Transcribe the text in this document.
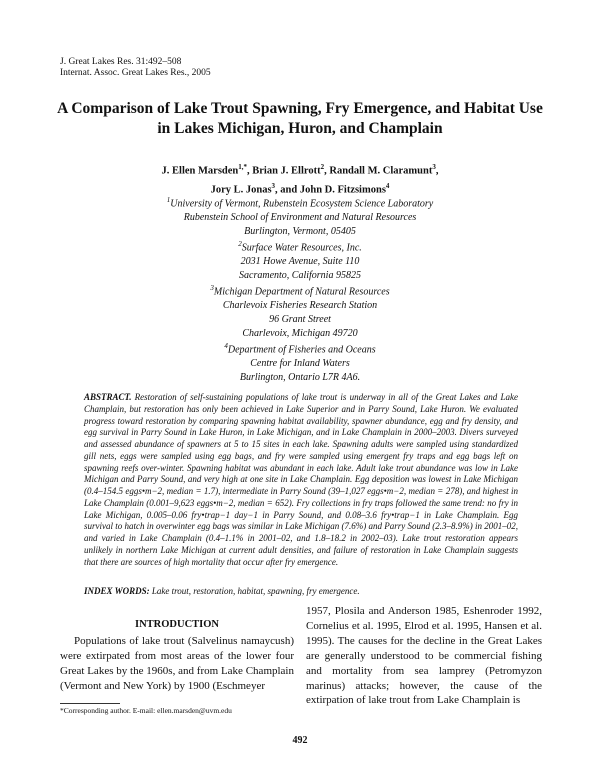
J. Great Lakes Res. 31:492–508
Internat. Assoc. Great Lakes Res., 2005
A Comparison of Lake Trout Spawning, Fry Emergence, and Habitat Use
in Lakes Michigan, Huron, and Champlain
J. Ellen Marsden$^{1,*}$, Brian J. Ellrott$^2$, Randall M. Claramunt$^3$,
Jory L. Jonas$^3$, and John D. Fitzsimons$^4$
$^1$University of Vermont, Rubenstein Ecosystem Science Laboratory
Rubenstein School of Environment and Natural Resources
Burlington, Vermont, 05405
$^2$Surface Water Resources, Inc.
2031 Howe Avenue, Suite 110
Sacramento, California 95825
$^3$Michigan Department of Natural Resources
Charlevoix Fisheries Research Station
96 Grant Street
Charlevoix, Michigan 49720
$^4$Department of Fisheries and Oceans
Centre for Inland Waters
Burlington, Ontario L7R 4A6.
ABSTRACT. Restoration of self-sustaining populations of lake trout is underway in all of the Great Lakes and Lake Champlain, but restoration has only been achieved in Lake Superior and in Parry Sound, Lake Huron. We evaluated progress toward restoration by comparing spawning habitat availability, spawner abundance, egg and fry density, and egg survival in Parry Sound in Lake Huron, in Lake Michigan, and in Lake Champlain in 2000–2003. Divers surveyed and assessed abundance of spawners at 5 to 15 sites in each lake. Spawning adults were sampled using standardized gill nets, eggs were sampled using egg bags, and fry were sampled using emergent fry traps and egg bags left on spawning reefs over-winter. Spawning habitat was abundant in each lake. Adult lake trout abundance was low in Lake Michigan and Parry Sound, and very high at one site in Lake Champlain. Egg deposition was lowest in Lake Michigan (0.4–154.5 eggs•m−2, median = 1.7), intermediate in Parry Sound (39–1,027 eggs•m−2, median = 278), and highest in Lake Champlain (0.001–9,623 eggs•m−2, median = 652). Fry collections in fry traps followed the same trend: no fry in Lake Michigan, 0.005–0.06 fry•trap−1 day−1 in Parry Sound, and 0.08–3.6 fry•trap−1 in Lake Champlain. Egg survival to hatch in overwinter egg bags was similar in Lake Michigan (7.6%) and Parry Sound (2.3–8.9%) in 2001–02, and varied in Lake Champlain (0.4–1.1% in 2001–02, and 1.8–18.2 in 2002–03). Lake trout restoration appears unlikely in northern Lake Michigan at current adult densities, and failure of restoration in Lake Champlain suggests that there are sources of high mortality that occur after fry emergence.
INDEX WORDS: Lake trout, restoration, habitat, spawning, fry emergence.
INTRODUCTION
Populations of lake trout (Salvelinus namaycush) were extirpated from most areas of the lower four Great Lakes by the 1960s, and from Lake Champlain (Vermont and New York) by 1900 (Eschmeyer
1957, Plosila and Anderson 1985, Eshenroder 1992, Cornelius et al. 1995, Elrod et al. 1995, Hansen et al. 1995). The causes for the decline in the Great Lakes are generally understood to be commercial fishing and mortality from sea lamprey (Petromyzon marinus) attacks; however, the cause of the extirpation of lake trout from Lake Champlain is
*Corresponding author. E-mail: ellen.marsden@uvm.edu
492
